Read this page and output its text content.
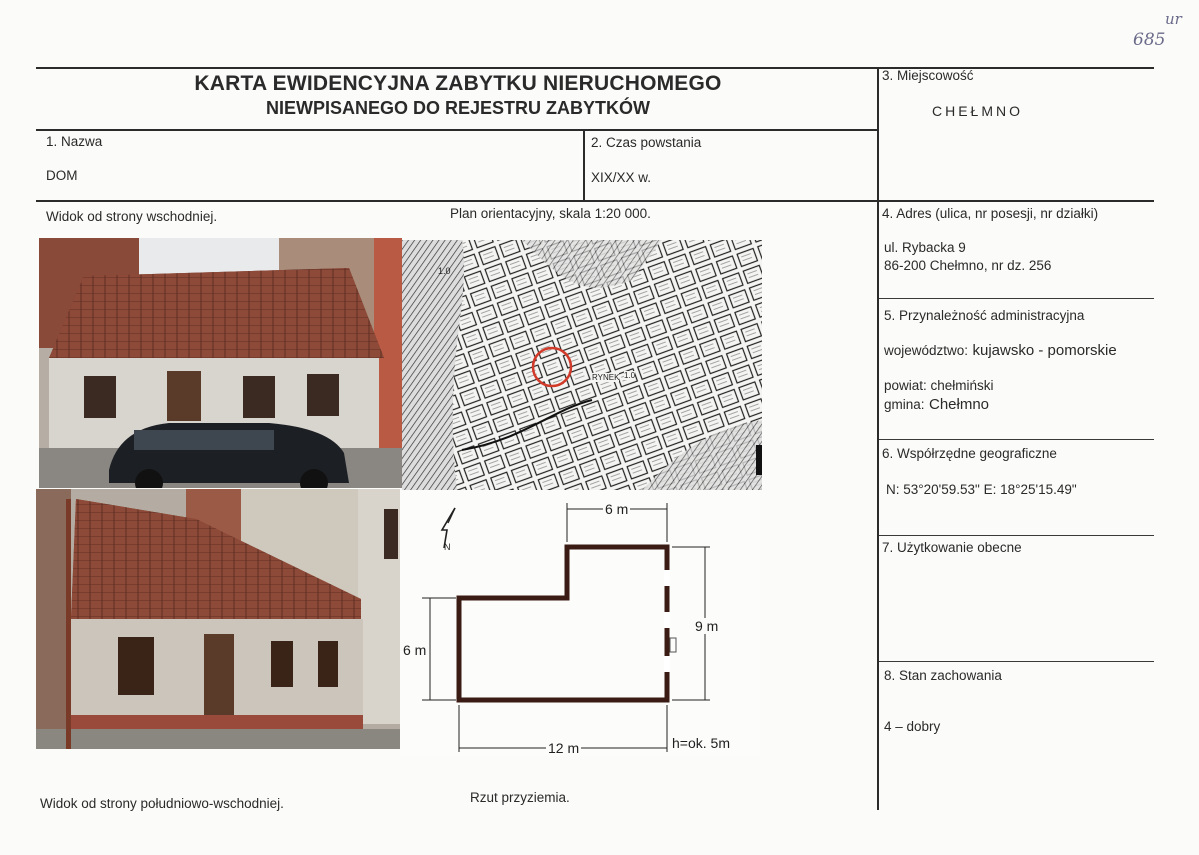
ur
685
KARTA EWIDENCYJNA ZABYTKU NIERUCHOMEGO
NIEWPISANEGO DO REJESTRU ZABYTKÓW
1. Nazwa
DOM
2. Czas powstania
XIX/XX w.
3. Miejscowość
CHEŁMNO
4. Adres (ulica, nr posesji, nr działki)
ul. Rybacka 9
86-200 Chełmno, nr dz. 256
5. Przynależność administracyjna
województwo: kujawsko - pomorskie
powiat: chełmiński
gmina: Chełmno
6. Współrzędne geograficzne
N: 53°20'59.53" E: 18°25'15.49"
7. Użytkowanie obecne
8. Stan zachowania
4 – dobry
Widok od strony wschodniej.	Plan orientacyjny, skala 1:20 000.
Widok od strony południowo-wschodniej.	Rzut przyziemia.
1.0
RYNEK 1.0
N
6 m
9 m
6 m
12 m	h=ok. 5m
